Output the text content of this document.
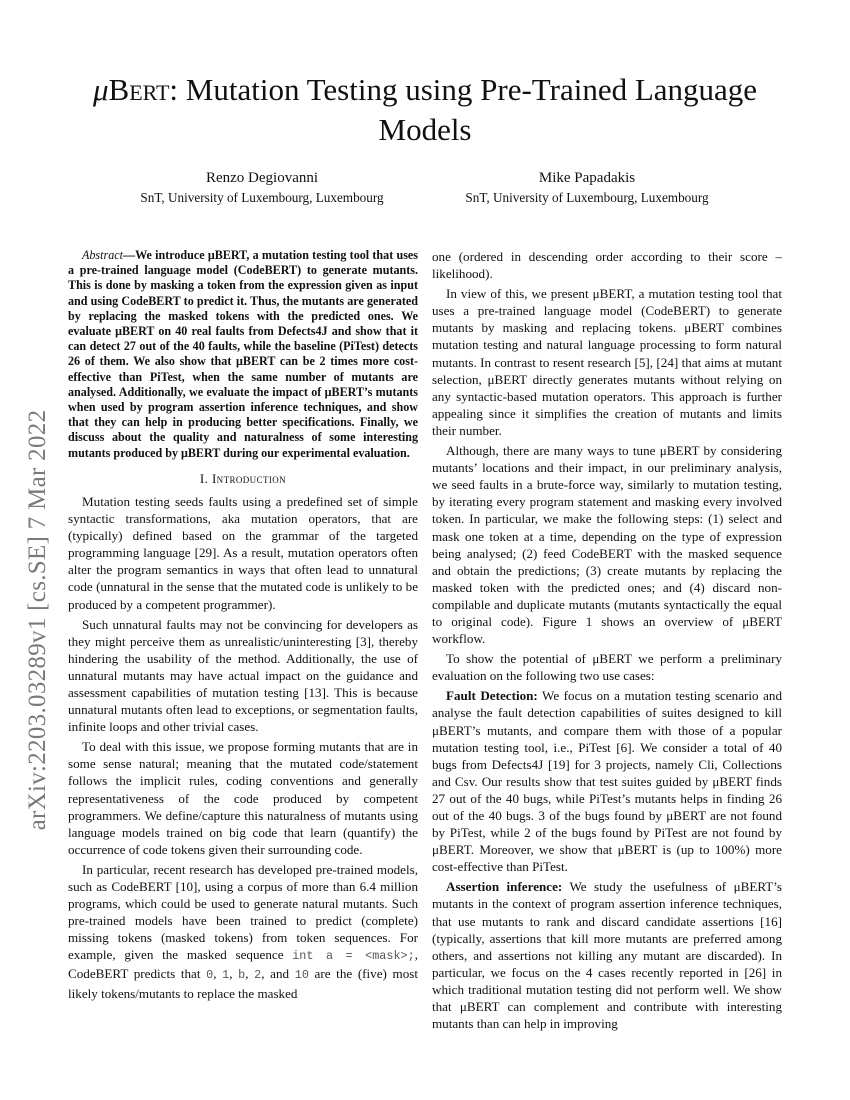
arXiv:2203.03289v1 [cs.SE] 7 Mar 2022
μBert: Mutation Testing using Pre-Trained Language Models
Renzo Degiovanni
SnT, University of Luxembourg, Luxembourg
Mike Papadakis
SnT, University of Luxembourg, Luxembourg

Abstract—We introduce μBERT, a mutation testing tool that uses a pre-trained language model (CodeBERT) to generate mutants. This is done by masking a token from the expression given as input and using CodeBERT to predict it. Thus, the mutants are generated by replacing the masked tokens with the predicted ones. We evaluate μBERT on 40 real faults from Defects4J and show that it can detect 27 out of the 40 faults, while the baseline (PiTest) detects 26 of them. We also show that μBERT can be 2 times more cost-effective than PiTest, when the same number of mutants are analysed. Additionally, we evaluate the impact of μBERT’s mutants when used by program assertion inference techniques, and show that they can help in producing better specifications. Finally, we discuss about the quality and naturalness of some interesting mutants produced by μBERT during our experimental evaluation.

I. Introduction

Mutation testing seeds faults using a predefined set of simple syntactic transformations, aka mutation operators, that are (typically) defined based on the grammar of the targeted programming language [29]. As a result, mutation operators often alter the program semantics in ways that often lead to unnatural code (unnatural in the sense that the mutated code is unlikely to be produced by a competent programmer).

Such unnatural faults may not be convincing for developers as they might perceive them as unrealistic/uninteresting [3], thereby hindering the usability of the method. Additionally, the use of unnatural mutants may have actual impact on the guidance and assessment capabilities of mutation testing [13]. This is because unnatural mutants often lead to exceptions, or segmentation faults, infinite loops and other trivial cases.

To deal with this issue, we propose forming mutants that are in some sense natural; meaning that the mutated code/statement follows the implicit rules, coding conventions and generally representativeness of the code produced by competent programmers. We define/capture this naturalness of mutants using language models trained on big code that learn (quantify) the occurrence of code tokens given their surrounding code.

In particular, recent research has developed pre-trained models, such as CodeBERT [10], using a corpus of more than 6.4 million programs, which could be used to generate natural mutants. Such pre-trained models have been trained to predict (complete) missing tokens (masked tokens) from token sequences. For example, given the masked sequence int a = <mask>;, CodeBERT predicts that 0, 1, b, 2, and 10 are the (five) most likely tokens/mutants to replace the masked

one (ordered in descending order according to their score – likelihood).

In view of this, we present μBERT, a mutation testing tool that uses a pre-trained language model (CodeBERT) to generate mutants by masking and replacing tokens. μBERT combines mutation testing and natural language processing to form natural mutants. In contrast to resent research [5], [24] that aims at mutant selection, μBERT directly generates mutants without relying on any syntactic-based mutation operators. This approach is further appealing since it simplifies the creation of mutants and limits their number.

Although, there are many ways to tune μBERT by considering mutants’ locations and their impact, in our preliminary analysis, we seed faults in a brute-force way, similarly to mutation testing, by iterating every program statement and masking every involved token. In particular, we make the following steps: (1) select and mask one token at a time, depending on the type of expression being analysed; (2) feed CodeBERT with the masked sequence and obtain the predictions; (3) create mutants by replacing the masked token with the predicted ones; and (4) discard non-compilable and duplicate mutants (mutants syntactically the equal to original code). Figure 1 shows an overview of μBERT workflow.

To show the potential of μBERT we perform a preliminary evaluation on the following two use cases:

Fault Detection: We focus on a mutation testing scenario and analyse the fault detection capabilities of suites designed to kill μBERT’s mutants, and compare them with those of a popular mutation testing tool, i.e., PiTest [6]. We consider a total of 40 bugs from Defects4J [19] for 3 projects, namely Cli, Collections and Csv. Our results show that test suites guided by μBERT finds 27 out of the 40 bugs, while PiTest’s mutants helps in finding 26 out of the 40 bugs. 3 of the bugs found by μBERT are not found by PiTest, while 2 of the bugs found by PiTest are not found by μBERT. Moreover, we show that μBERT is (up to 100%) more cost-effective than PiTest.

Assertion inference: We study the usefulness of μBERT’s mutants in the context of program assertion inference techniques, that use mutants to rank and discard candidate assertions [16] (typically, assertions that kill more mutants are preferred among others, and assertions not killing any mutant are discarded). In particular, we focus on the 4 cases recently reported in [26] in which traditional mutation testing did not perform well. We show that μBERT can complement and contribute with interesting mutants than can help in improving
